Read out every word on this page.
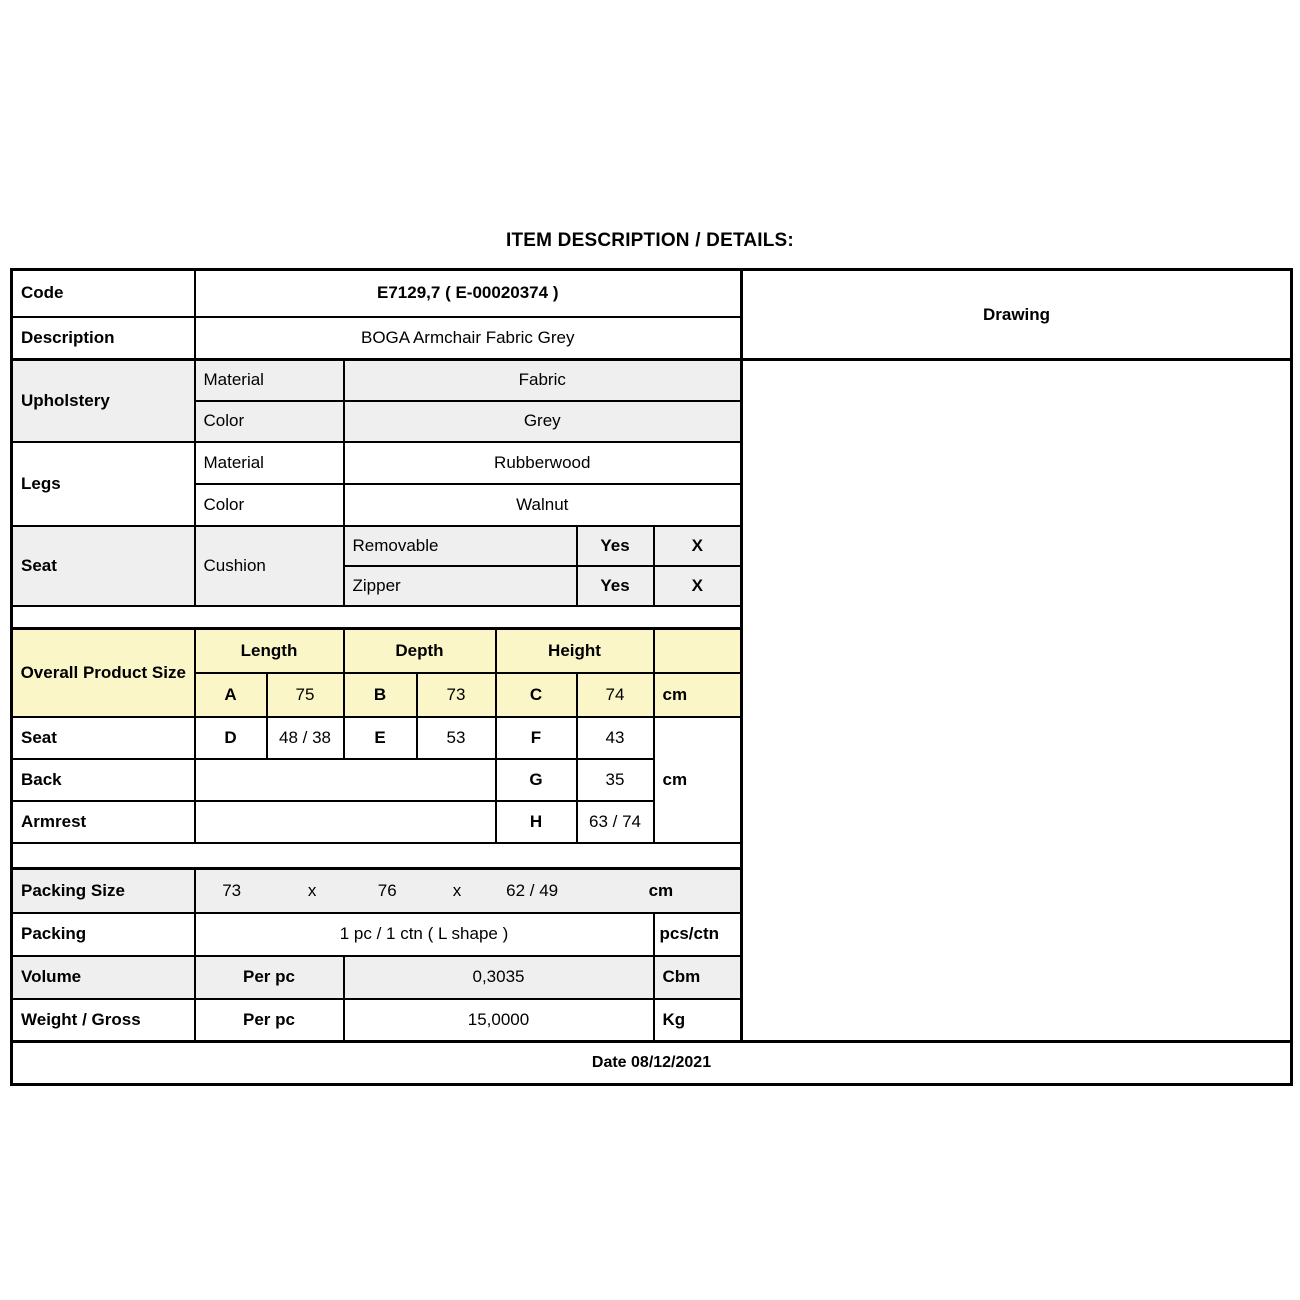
ITEM DESCRIPTION / DETAILS:
Code	E7129,7 ( E-00020374 )							Drawing
Description	BOGA Armchair Fabric Grey							
Upholstery	Material	Fabric	

	Color		Grey					
Legs	Material		Rubberwood					
	Color		Walnut					
Seat	Cushion		Removable			Yes	X	
			Zipper			Yes	X	

Overall Product Size	Length		Depth		Height			
	A	75	B	73	C	74	cm	
Seat	D	48 / 38	E	53	F	43	cm	
Back					G	35		
Armrest					H	63 / 74		

Packing Size	73	x	76	x	62 / 49	cm

Packing	1 pc / 1 ctn ( L shape )						pcs/ctn	
Volume	Per pc		0,3035				Cbm	
Weight / Gross	Per pc		15,0000				Kg	
Date 08/12/2021								
